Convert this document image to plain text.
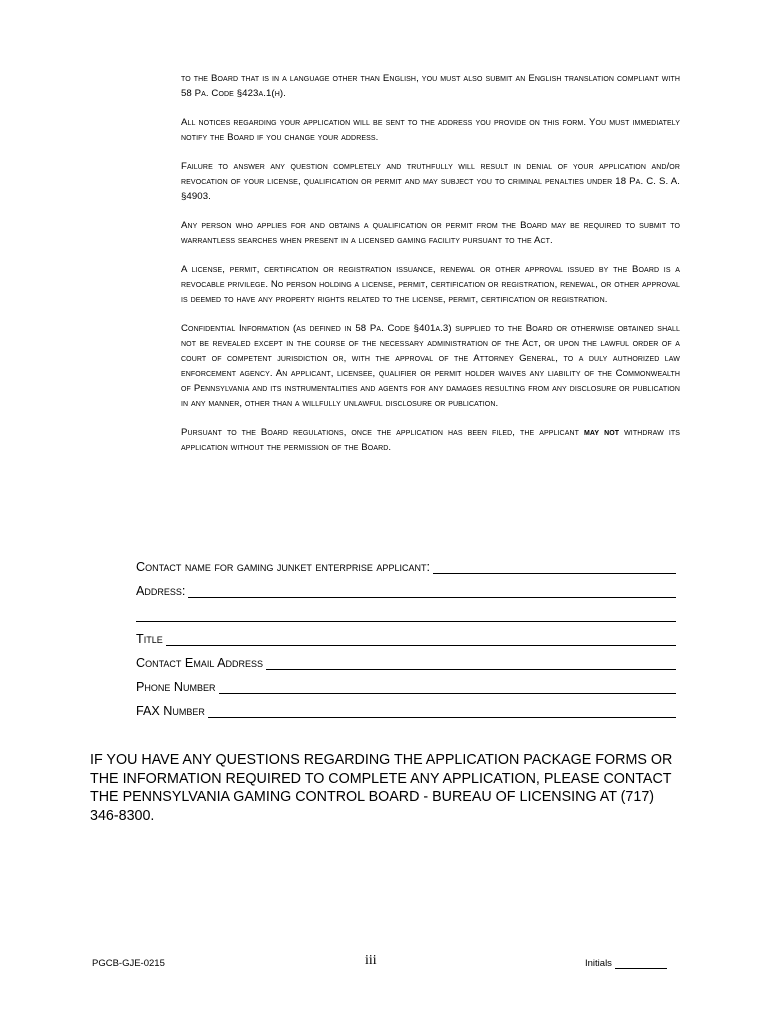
to the Board that is in a language other than English, you must also submit an English translation compliant with 58 Pa. Code §423a.1(h).

All notices regarding your application will be sent to the address you provide on this form. You must immediately notify the Board if you change your address.

Failure to answer any question completely and truthfully will result in denial of your application and/or revocation of your license, qualification or permit and may subject you to criminal penalties under 18 Pa. C. S. A. §4903.

Any person who applies for and obtains a qualification or permit from the Board may be required to submit to warrantless searches when present in a licensed gaming facility pursuant to the Act.

A license, permit, certification or registration issuance, renewal or other approval issued by the Board is a revocable privilege. No person holding a license, permit, certification or registration, renewal, or other approval is deemed to have any property rights related to the license, permit, certification or registration.

Confidential Information (as defined in 58 Pa. Code §401a.3) supplied to the Board or otherwise obtained shall not be revealed except in the course of the necessary administration of the Act, or upon the lawful order of a court of competent jurisdiction or, with the approval of the Attorney General, to a duly authorized law enforcement agency. An applicant, licensee, qualifier or permit holder waives any liability of the Commonwealth of Pennsylvania and its instrumentalities and agents for any damages resulting from any disclosure or publication in any manner, other than a willfully unlawful disclosure or publication.

Pursuant to the Board regulations, once the application has been filed, the applicant may not withdraw its application without the permission of the Board.

Contact name for gaming junket enterprise applicant:
Address:
Title
Contact Email Address
Phone Number
FAX Number
IF YOU HAVE ANY QUESTIONS REGARDING THE APPLICATION PACKAGE FORMS OR THE INFORMATION REQUIRED TO COMPLETE ANY APPLICATION, PLEASE CONTACT THE PENNSYLVANIA GAMING CONTROL BOARD - BUREAU OF LICENSING AT (717) 346-8300.
PGCB-GJE-0215	iii	Initials
